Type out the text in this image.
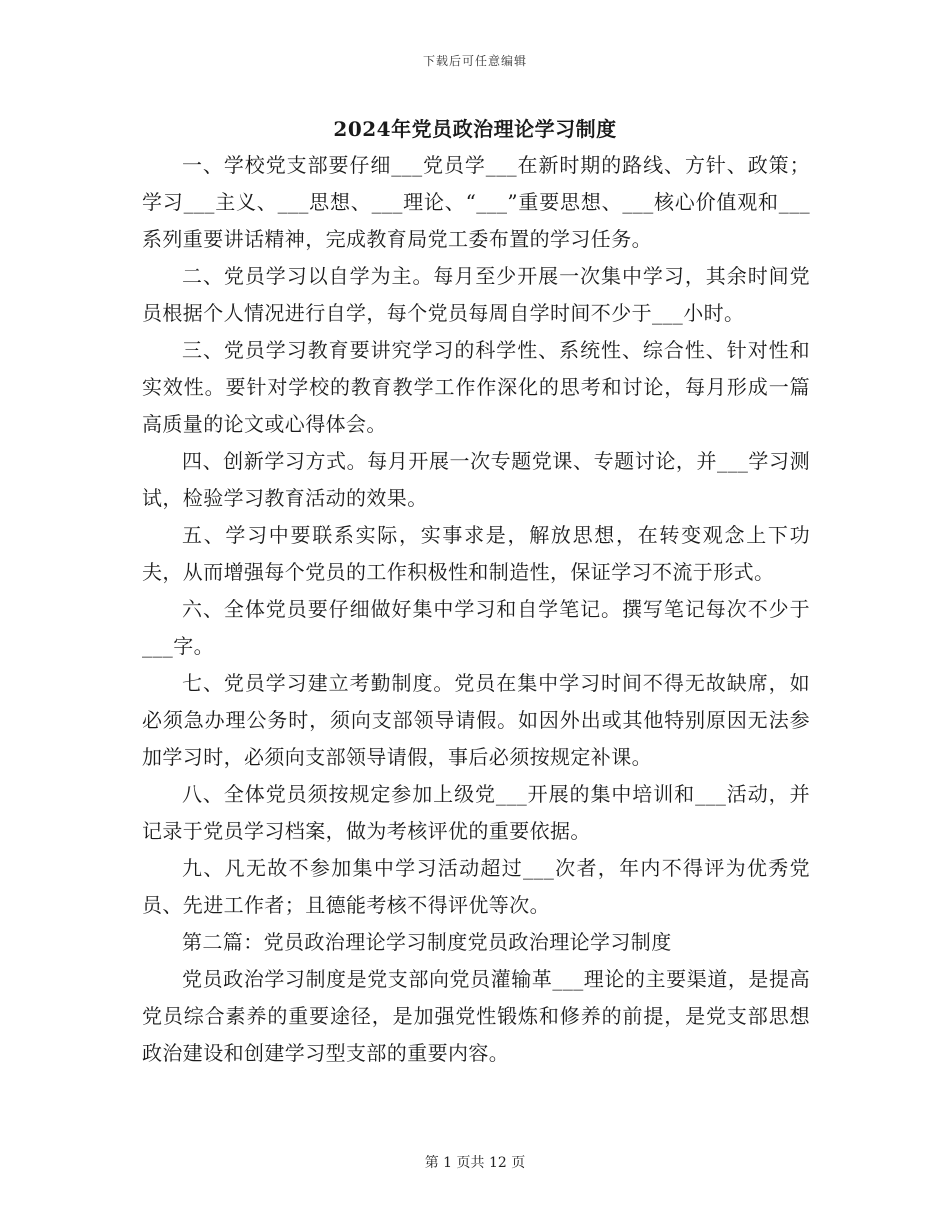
下载后可任意编辑
2024年党员政治理论学习制度

一、学校党支部要仔细___党员学___在新时期的路线、方针、政策；学习___主义、___思想、___理论、“___”重要思想、___核心价值观和___系列重要讲话精神，完成教育局党工委布置的学习任务。

二、党员学习以自学为主。每月至少开展一次集中学习，其余时间党员根据个人情况进行自学，每个党员每周自学时间不少于___小时。

三、党员学习教育要讲究学习的科学性、系统性、综合性、针对性和实效性。要针对学校的教育教学工作作深化的思考和讨论，每月形成一篇高质量的论文或心得体会。

四、创新学习方式。每月开展一次专题党课、专题讨论，并___学习测试，检验学习教育活动的效果。

五、学习中要联系实际，实事求是，解放思想，在转变观念上下功夫，从而增强每个党员的工作积极性和制造性，保证学习不流于形式。

六、全体党员要仔细做好集中学习和自学笔记。撰写笔记每次不少于___字。

七、党员学习建立考勤制度。党员在集中学习时间不得无故缺席，如必须急办理公务时，须向支部领导请假。如因外出或其他特别原因无法参加学习时，必须向支部领导请假，事后必须按规定补课。

八、全体党员须按规定参加上级党___开展的集中培训和___活动，并记录于党员学习档案，做为考核评优的重要依据。

九、凡无故不参加集中学习活动超过___次者，年内不得评为优秀党员、先进工作者；且德能考核不得评优等次。

第二篇：党员政治理论学习制度党员政治理论学习制度

党员政治学习制度是党支部向党员灌输革___理论的主要渠道，是提高党员综合素养的重要途径，是加强党性锻炼和修养的前提，是党支部思想政治建设和创建学习型支部的重要内容。

第 1 页共 12 页
